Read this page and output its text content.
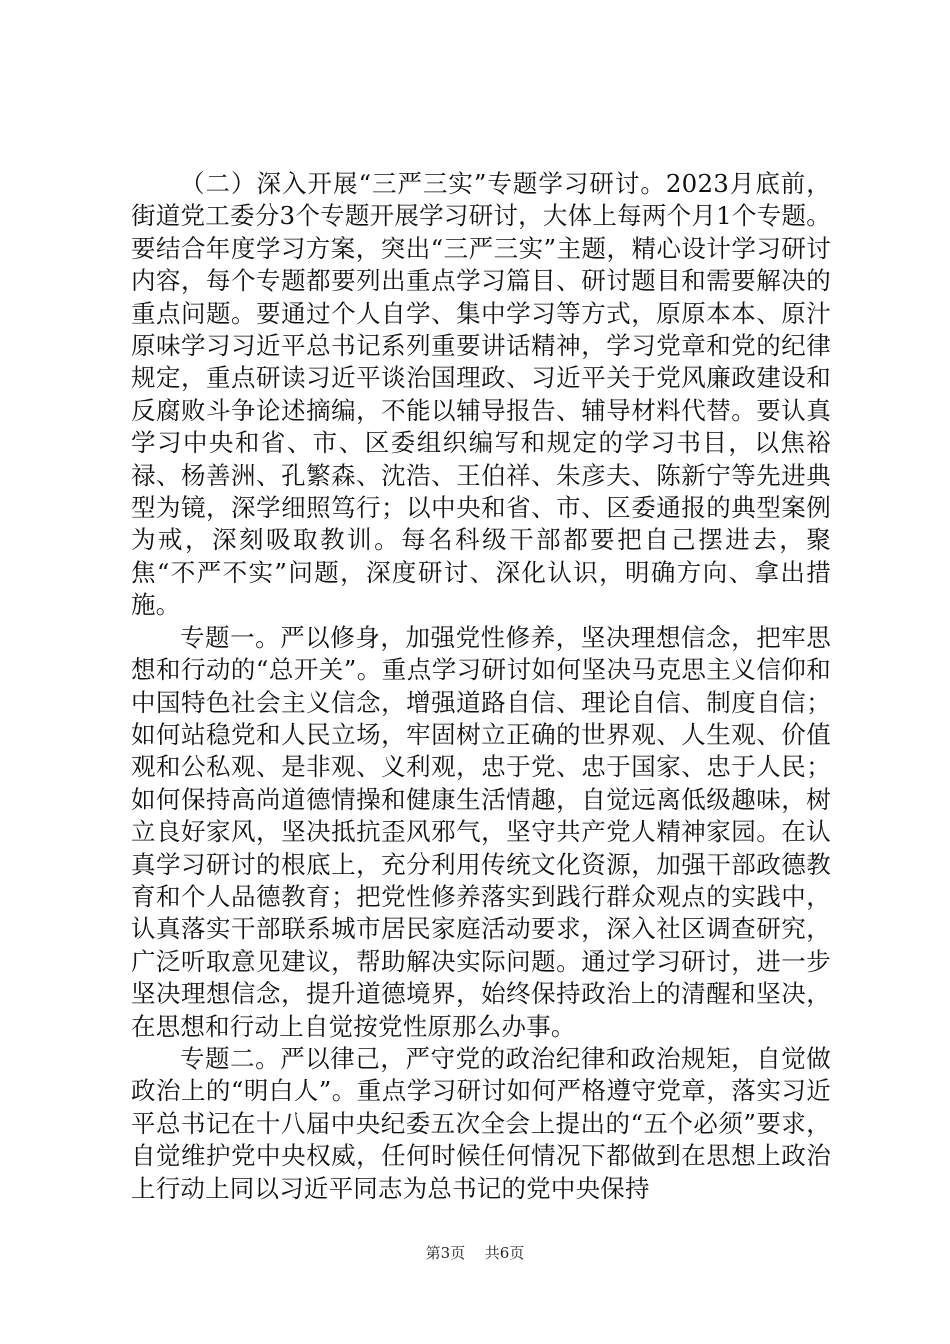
（二）深入开展“三严三实”专题学习研讨。2023月底前，街道党工委分3个专题开展学习研讨，大体上每两个月1个专题。要结合年度学习方案，突出“三严三实”主题，精心设计学习研讨内容，每个专题都要列出重点学习篇目、研讨题目和需要解决的重点问题。要通过个人自学、集中学习等方式，原原本本、原汁原味学习习近平总书记系列重要讲话精神，学习党章和党的纪律规定，重点研读习近平谈治国理政、习近平关于党风廉政建设和反腐败斗争论述摘编，不能以辅导报告、辅导材料代替。要认真学习中央和省、市、区委组织编写和规定的学习书目，以焦裕禄、杨善洲、孔繁森、沈浩、王伯祥、朱彦夫、陈新宁等先进典型为镜，深学细照笃行；以中央和省、市、区委通报的典型案例为戒，深刻吸取教训。每名科级干部都要把自己摆进去，聚焦“不严不实”问题，深度研讨、深化认识，明确方向、拿出措施。

专题一。严以修身，加强党性修养，坚决理想信念，把牢思想和行动的“总开关”。重点学习研讨如何坚决马克思主义信仰和中国特色社会主义信念，增强道路自信、理论自信、制度自信；如何站稳党和人民立场，牢固树立正确的世界观、人生观、价值观和公私观、是非观、义利观，忠于党、忠于国家、忠于人民；如何保持高尚道德情操和健康生活情趣，自觉远离低级趣味，树立良好家风，坚决抵抗歪风邪气，坚守共产党人精神家园。在认真学习研讨的根底上，充分利用传统文化资源，加强干部政德教育和个人品德教育；把党性修养落实到践行群众观点的实践中，认真落实干部联系城市居民家庭活动要求，深入社区调查研究，广泛听取意见建议，帮助解决实际问题。通过学习研讨，进一步坚决理想信念，提升道德境界，始终保持政治上的清醒和坚决，在思想和行动上自觉按党性原那么办事。

专题二。严以律己，严守党的政治纪律和政治规矩，自觉做政治上的“明白人”。重点学习研讨如何严格遵守党章，落实习近平总书记在十八届中央纪委五次全会上提出的“五个必须”要求，自觉维护党中央权威，任何时候任何情况下都做到在思想上政治上行动上同以习近平同志为总书记的党中央保持

第3页 共6页
